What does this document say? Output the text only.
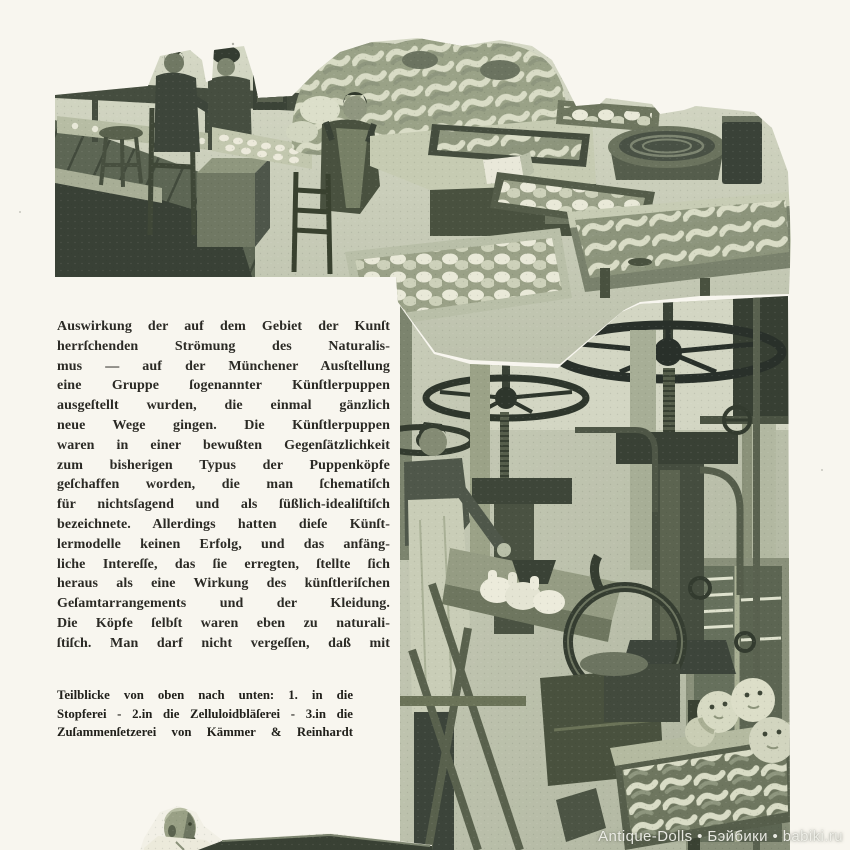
Auswirkung der auf dem Gebiet der Kunſt
herrſchenden Strömung des Naturalis-
mus — auf der Münchener Ausſtellung
eine Gruppe ſogenannter Künſtlerpuppen
ausgeſtellt wurden, die einmal gänzlich
neue Wege gingen. Die Künſtlerpuppen
waren in einer bewußten Gegenſätzlichkeit
zum bisherigen Typus der Puppenköpfe
geſchaffen worden, die man ſchematiſch
für nichtsſagend und als ſüßlich-idealiſtiſch
bezeichnete. Allerdings hatten dieſe Künſt-
lermodelle keinen Erfolg, und das anfäng-
liche Intereſſe, das ſie erregten, ſtellte ſich
heraus als eine Wirkung des künſtleriſchen
Geſamtarrangements und der Kleidung.
Die Köpfe ſelbſt waren eben zu naturali-
ſtiſch. Man darf nicht vergeſſen, daß mit
Teilblicke von oben nach unten: 1. in die
Stopferei - 2.in die Zelluloidbläſerei - 3.in die
Zuſammenſetzerei von Kämmer & Reinhardt
Antique-Dolls • Бэйбики • babiki.ru
